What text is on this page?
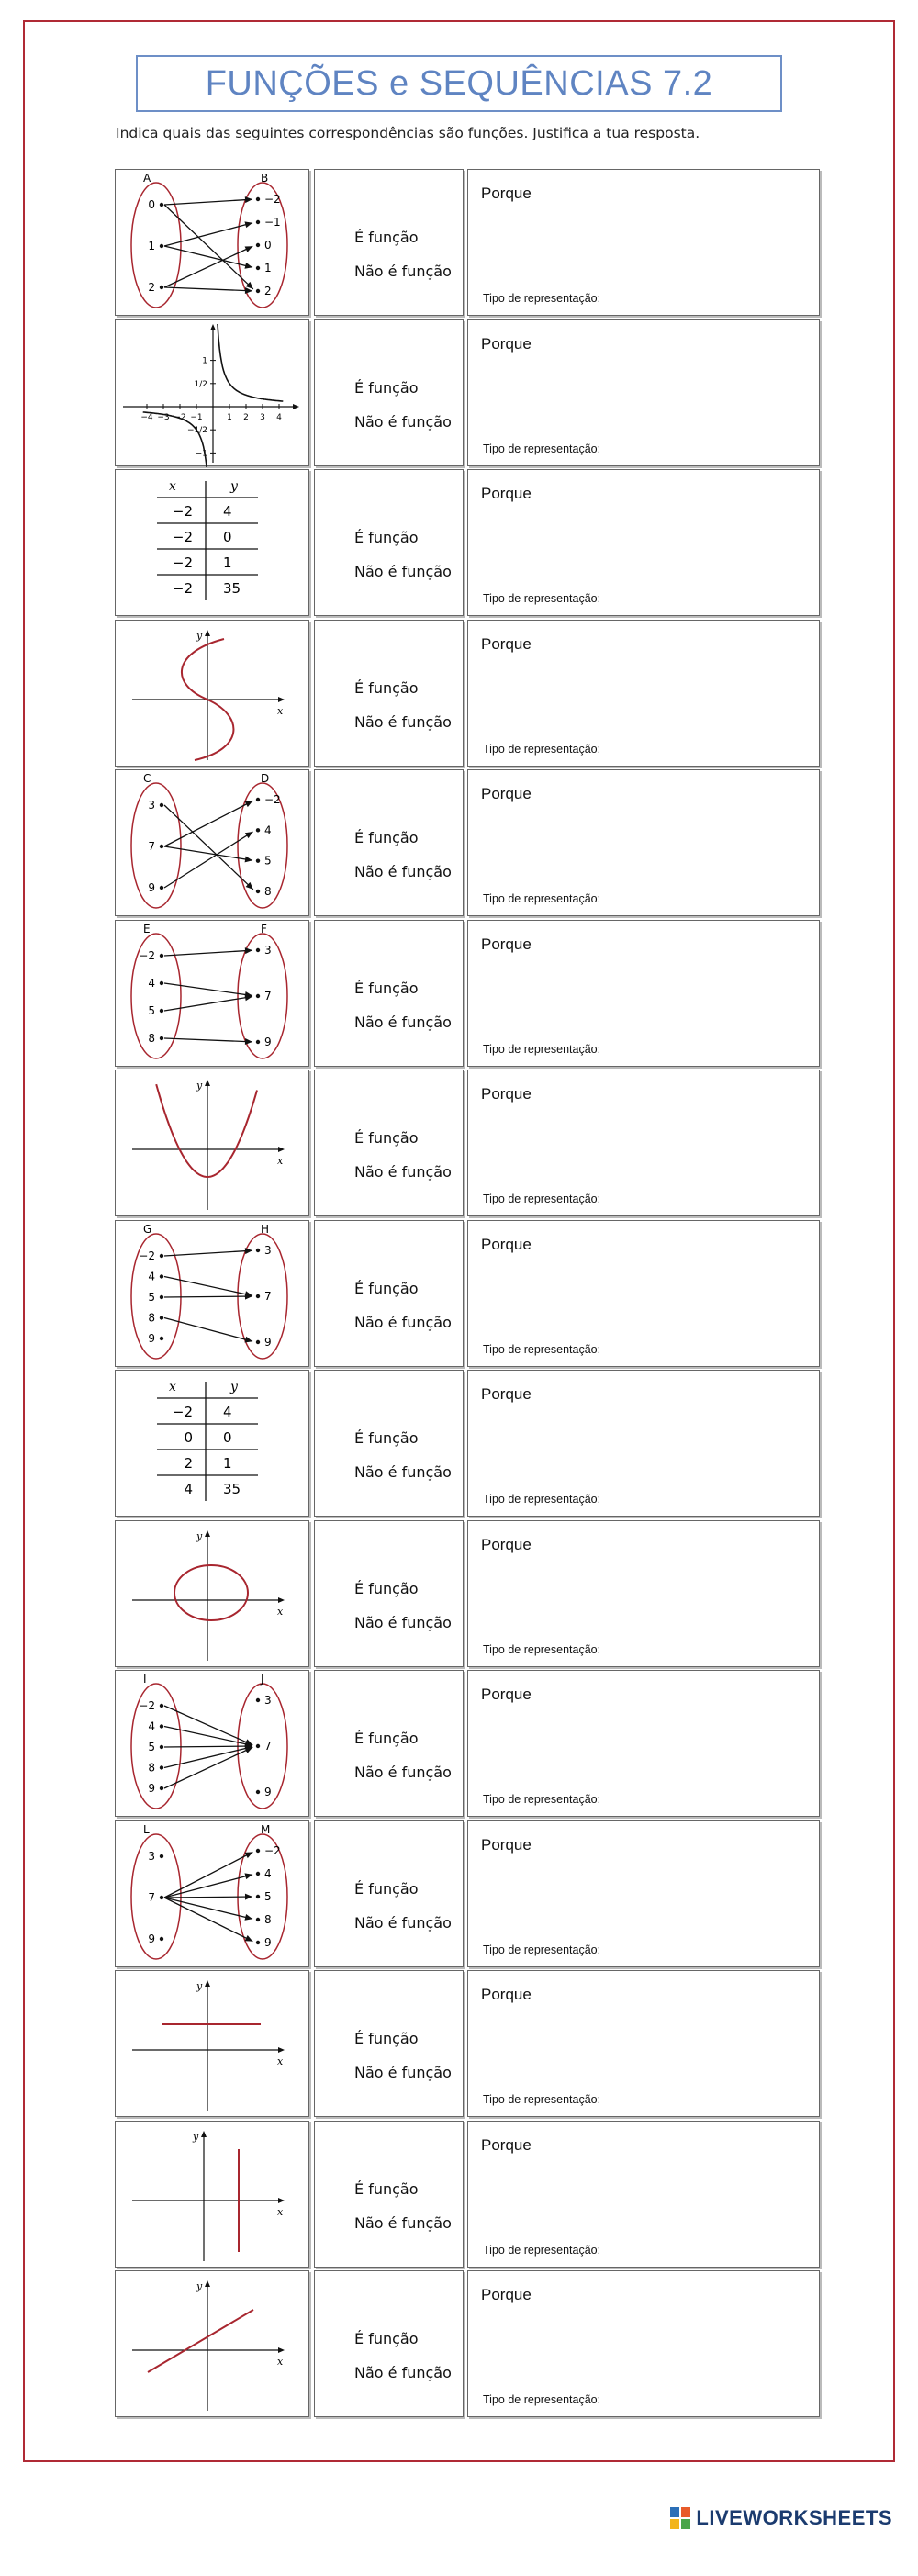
FUNÇÕES e SEQUÊNCIAS 7.2
Indica quais das seguintes correspondências são funções. Justifica a tua resposta.
A	B
0
1
2
−2
−1
0
1
2
É função
Não é função
Porque
Tipo de representação:
−4 −3 −2 −1	1 2 3 4
1
1/2
−1/2
−1
É função
Não é função
Porque
Tipo de representação:
x	y
−2 4
−2 0
−2 1
−2 35
É função
Não é função
Porque
Tipo de representação:
x
y
É função
Não é função
Porque
Tipo de representação:
C	D
3
7
9
−2
4
5
8
É função
Não é função
Porque
Tipo de representação:
E	F
−2
4
5
8
3
7
9
É função
Não é função
Porque
Tipo de representação:
x
y
É função
Não é função
Porque
Tipo de representação:
G	H
−2
4
5
8
9
3
7
9
É função
Não é função
Porque
Tipo de representação:
x	y
−2 4
0 0
2 1
4 35
É função
Não é função
Porque
Tipo de representação:
x
y
É função
Não é função
Porque
Tipo de representação:
I	J
−2
4
5
8
9
3
7
9
É função
Não é função
Porque
Tipo de representação:
L	M
3
7
9
−2
4
5
8
9
É função
Não é função
Porque
Tipo de representação:
x
y
É função
Não é função
Porque
Tipo de representação:
x
y
É função
Não é função
Porque
Tipo de representação:
x
y
É função
Não é função
Porque
Tipo de representação:
LIVEWORKSHEETS
